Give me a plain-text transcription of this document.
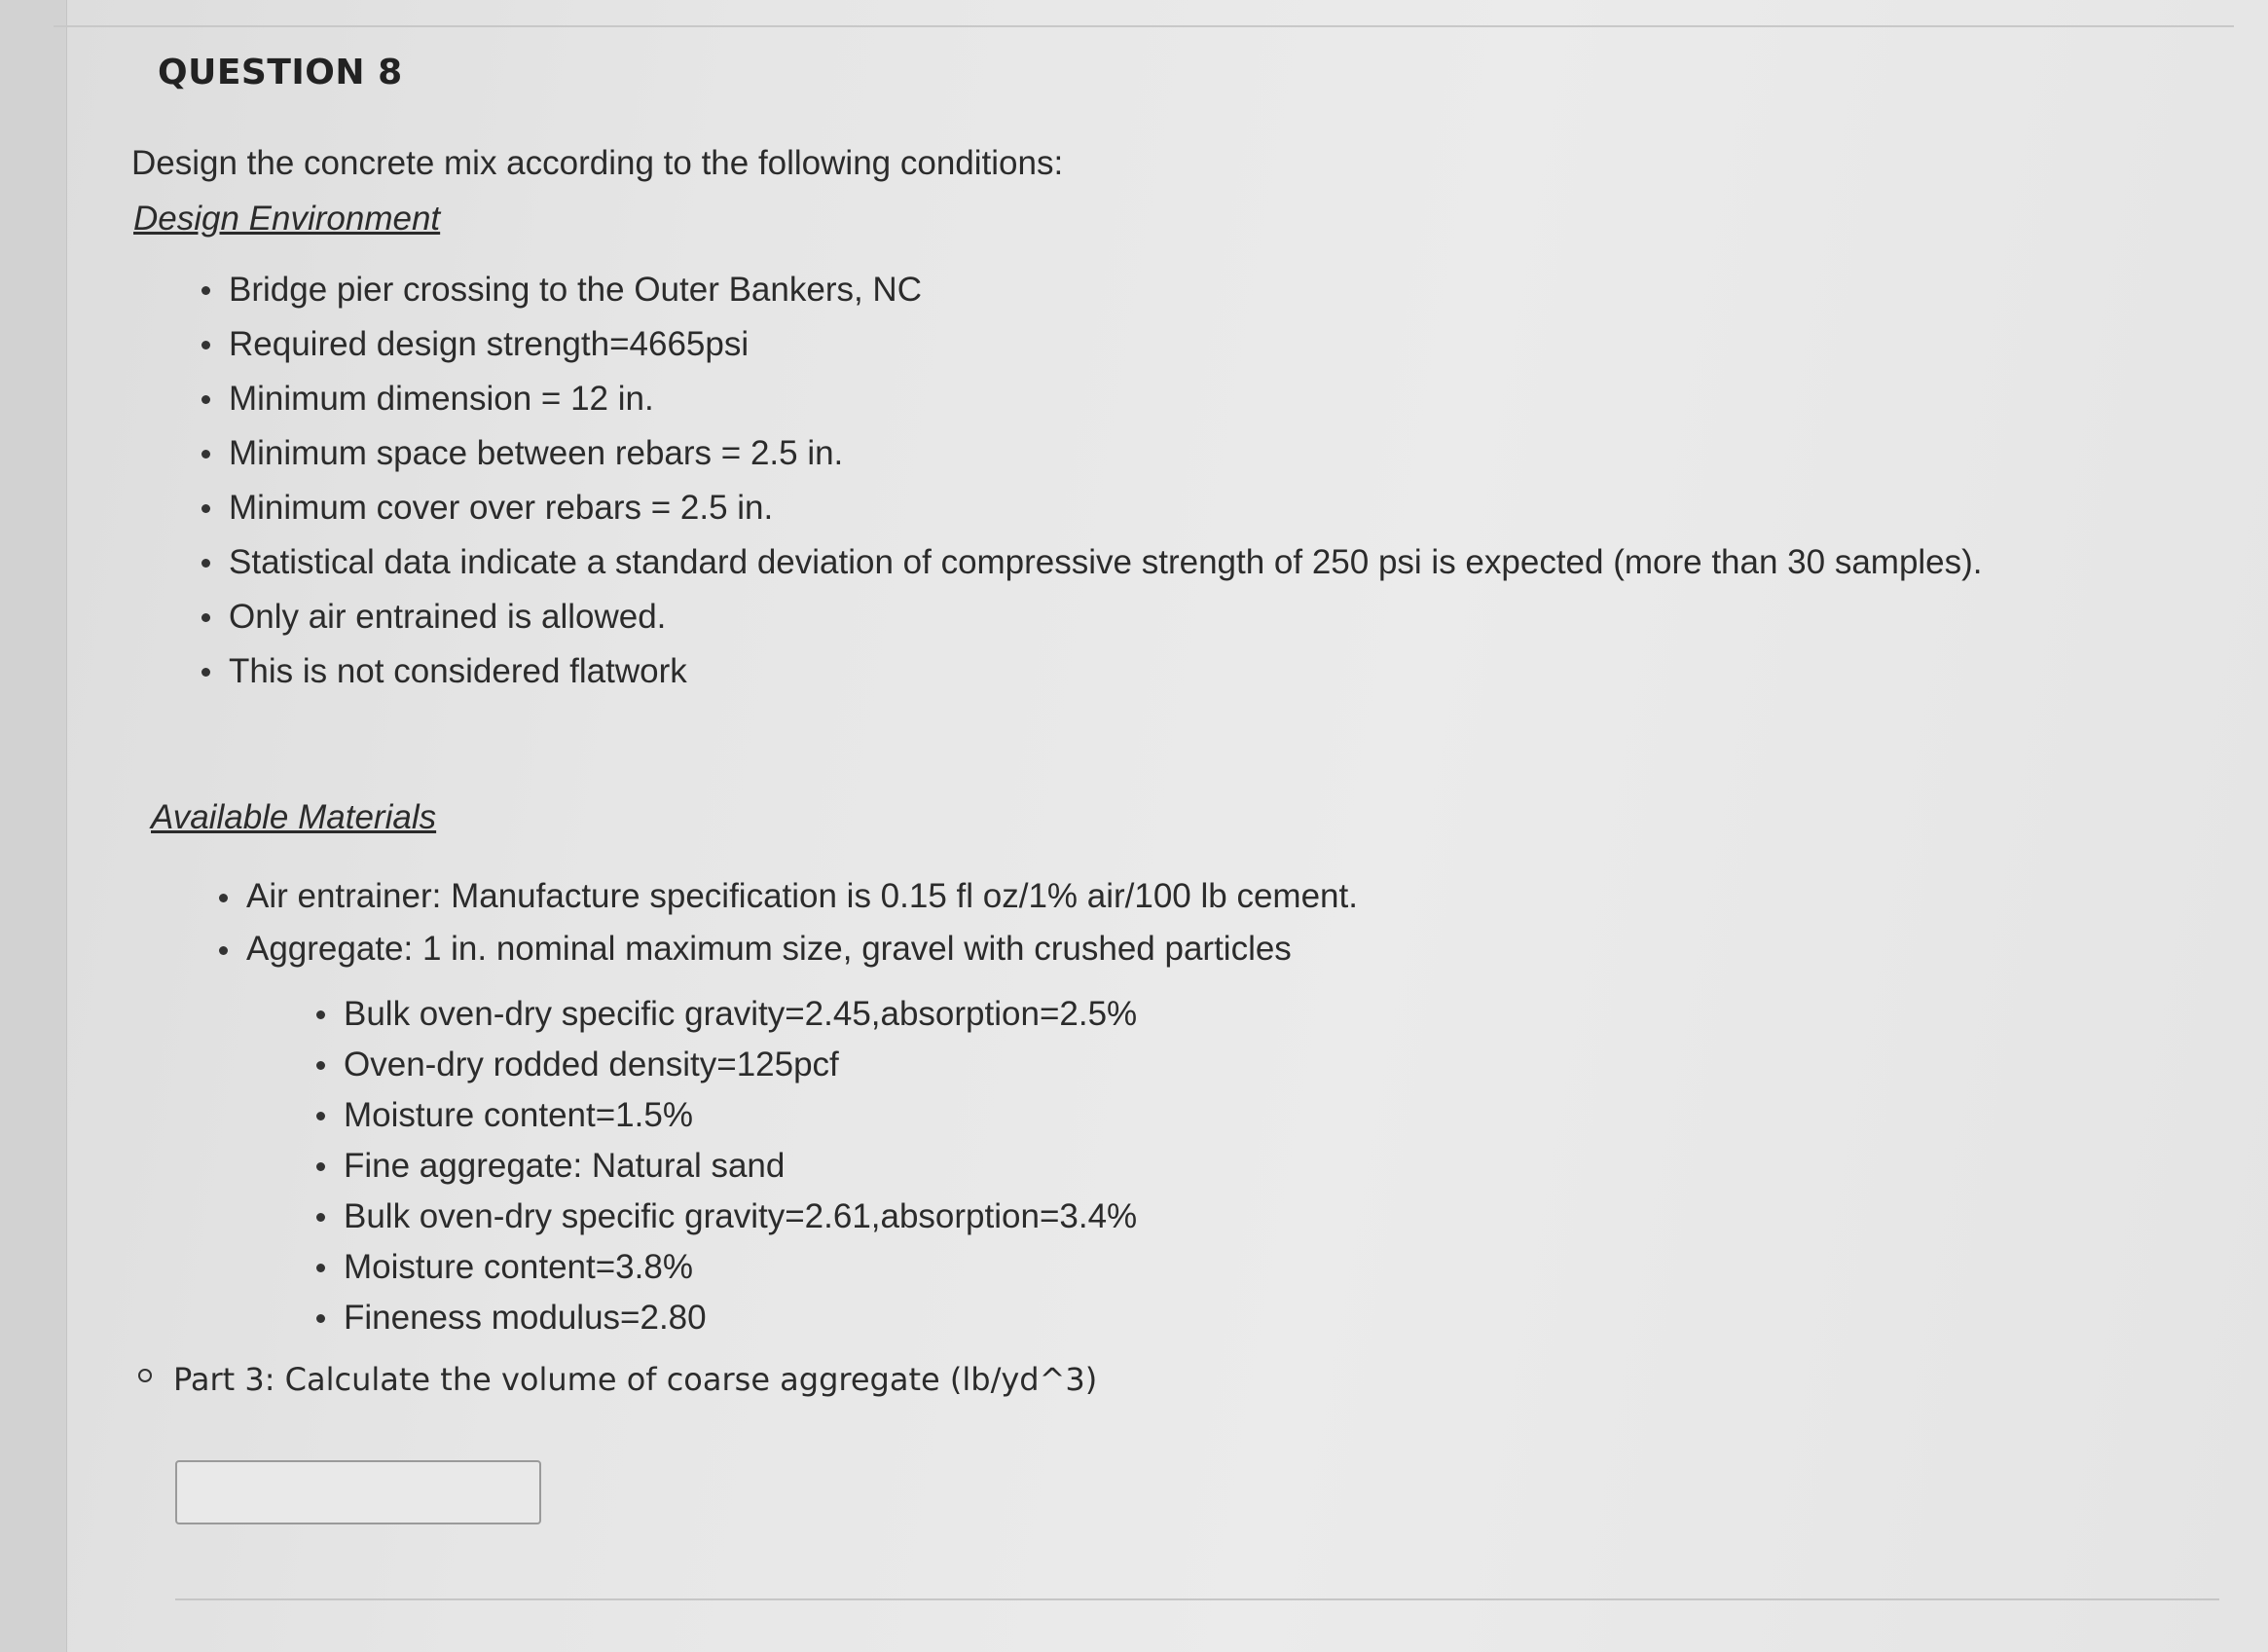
QUESTION 8
Design the concrete mix according to the following conditions:
Design Environment
Bridge pier crossing to the Outer Bankers, NC
Required design strength=4665psi
Minimum dimension = 12 in.
Minimum space between rebars = 2.5 in.
Minimum cover over rebars = 2.5 in.
Statistical data indicate a standard deviation of compressive strength of 250 psi is expected (more than 30 samples).
Only air entrained is allowed.
This is not considered flatwork
Available Materials
Air entrainer: Manufacture specification is 0.15 fl oz/1% air/100 lb cement.
Aggregate: 1 in. nominal maximum size, gravel with crushed particles
Bulk oven-dry specific gravity=2.45,absorption=2.5%
Oven-dry rodded density=125pcf
Moisture content=1.5%
Fine aggregate: Natural sand
Bulk oven-dry specific gravity=2.61,absorption=3.4%
Moisture content=3.8%
Fineness modulus=2.80
Part 3: Calculate the volume of coarse aggregate (lb/yd^3)
